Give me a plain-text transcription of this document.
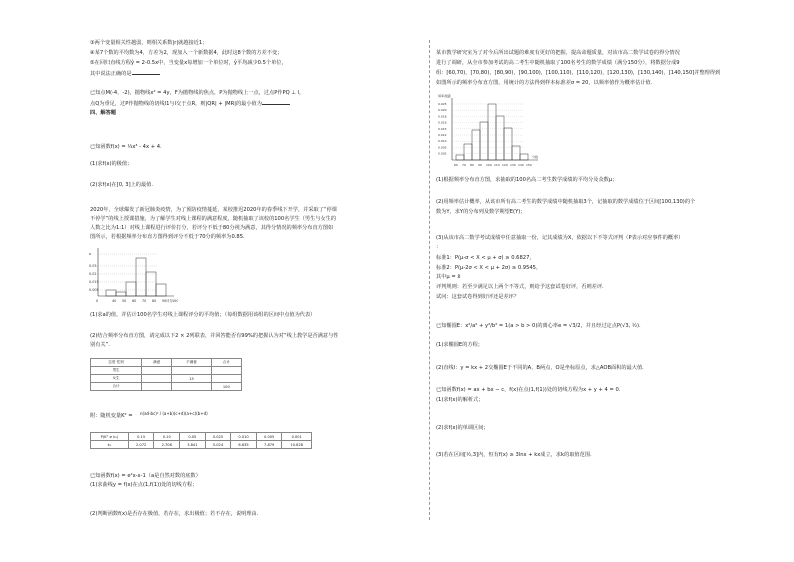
③两个变量相关性越弱，则相关系数|r|就越接近1；
④某7个数的平均数为4，方差为2，现加入一个新数据4，此时这8个数的方差不变；
⑤在回归直线方程ŷ = 2-0.5x中，当变量x每增加一个单位时，ŷ平均减少0.5个单位，
其中说法正确的是
已知点M(-4，-2)，抛物线x² = 4y，F为抛物线的焦点，P为抛物线上一点，过点P作PQ ⊥ l，
点Q为垂足，过P作抛物线的切线l1与l交于点R，则|QR| + |MR|的最小值为
四、解答题
已知函数f(x) = ⅓x³ - 4x + 4.
(1)求f(x)的极值；
(2)求f(x)在[0, 3]上的最值.
2020年，全球爆发了新冠肺炎疫情，为了预防疫情蔓延，某校推迟2020年的春季线下开学，并采取了“停课
不停学”的线上授课措施，为了解学生对线上课程的满意程度，随机抽取了该校的100名学生（男生与女生的
人数之比为1:1）对线上课程进行评价打分，若评分不低于80分视为满意，其得分情况的频率分布直方图如
图所示，若根据频率分布直方图得到评分不低于70分的频率为0.85.
a
0.03
0.02
0.015
0.005
0	40 50 60 70 80 90 100
评分
(1)求a的值，并估计100名学生对线上课程评分的平均值；（每组数据用该组的区间中点值为代表）
(2)结合频率分布直方图，请完成以下2 × 2列联表，并回答能否有99%的把握认为对“线上教学是否满意与性
别有关”.
态度 性别	满意	不满意	合计
男生			
女生		15	
合计			100
附：随机变量K² = n(ad-bc)² / (a+b)(c+d)(a+c)(b+d)
P(K² ≥ k₀)	0.15	0.10	0.05	0.025	0.010	0.005	0.001
k₀	2.072	2.706	3.841	5.024	6.635	7.879	10.828
已知函数f(x) = e²x-x-1（a是自然对数的底数）
(1)求曲线y = f(x)在点(1,f(1))处的切线方程；
(2)判断函数f(x)是否存在极值，若存在，求出极值；若不存在，说明理由.
某市教学研究室为了对今后所出试题的难度有更好的把握，提高命题质量，对该市高二数学试卷的得分情况
进行了调研，从全市参加考试的高二考生中随机抽取了100名考生的数学成绩（满分150分），将数据分成9
组：[60,70)，[70,80)，[80,90)，[90,100)，[100,110)，[110,120)，[120,130)，[130,140)，[140,150]并整理得到
如图所示的频率分布直方图，用统计的方法得到样本标准差σ = 20，以频率值作为概率估计值.
频率/组距
0.025
0.020
0.018
0.016
0.015
0.012
0.010
0.005
0.002
60 70 80 90 100 110 120 130 140 150
分数
(1)根据频率分布直方图，求抽取的100名高二考生数学成绩的平均分及众数μ；
(2)用频率估计概率，从该市所有高二考生的数学成绩中随机抽取3个，记抽取的数学成绩位于区间[100,130)的个
数为Y，求Y的分布列及数学期望E(Y)；
(3)从该市高二数学考试成绩中任意抽取一份，记其成绩为X，依据以下不等式评判（P表示对应事件的概率）
：
标准1：P(μ-σ < X < μ + σ) ≥ 0.6827，
标准2：P(μ-2σ < X < μ + 2σ) ≥ 0.9545，
其中μ = x̄
评判规则：若至少满足以上两个不等式，则给予这套试卷好评，否则差评.
试问：这套试卷得到好评还是差评？
已知椭圆E：x²/a² + y²/b² = 1(a > b > 0)的离心率e = √3/2，并且经过定点P(√3, ½).
(1)求椭圆E的方程；
(2)直线l：y = kx + 2交椭圆E于不同的A，B两点，O是坐标原点，求△AOB面积的最大值.
已知函数f(x) = ax + bx − c，f(x)在点(1,f(1))处的切线方程为x + y + 4 = 0.
(1)求f(x)的解析式；
(2)求f(x)的单调区间；
(3)若在区间[½,3]内，恒有f(x) ≥ 3lnx + kx成立，求k的取值范围.
